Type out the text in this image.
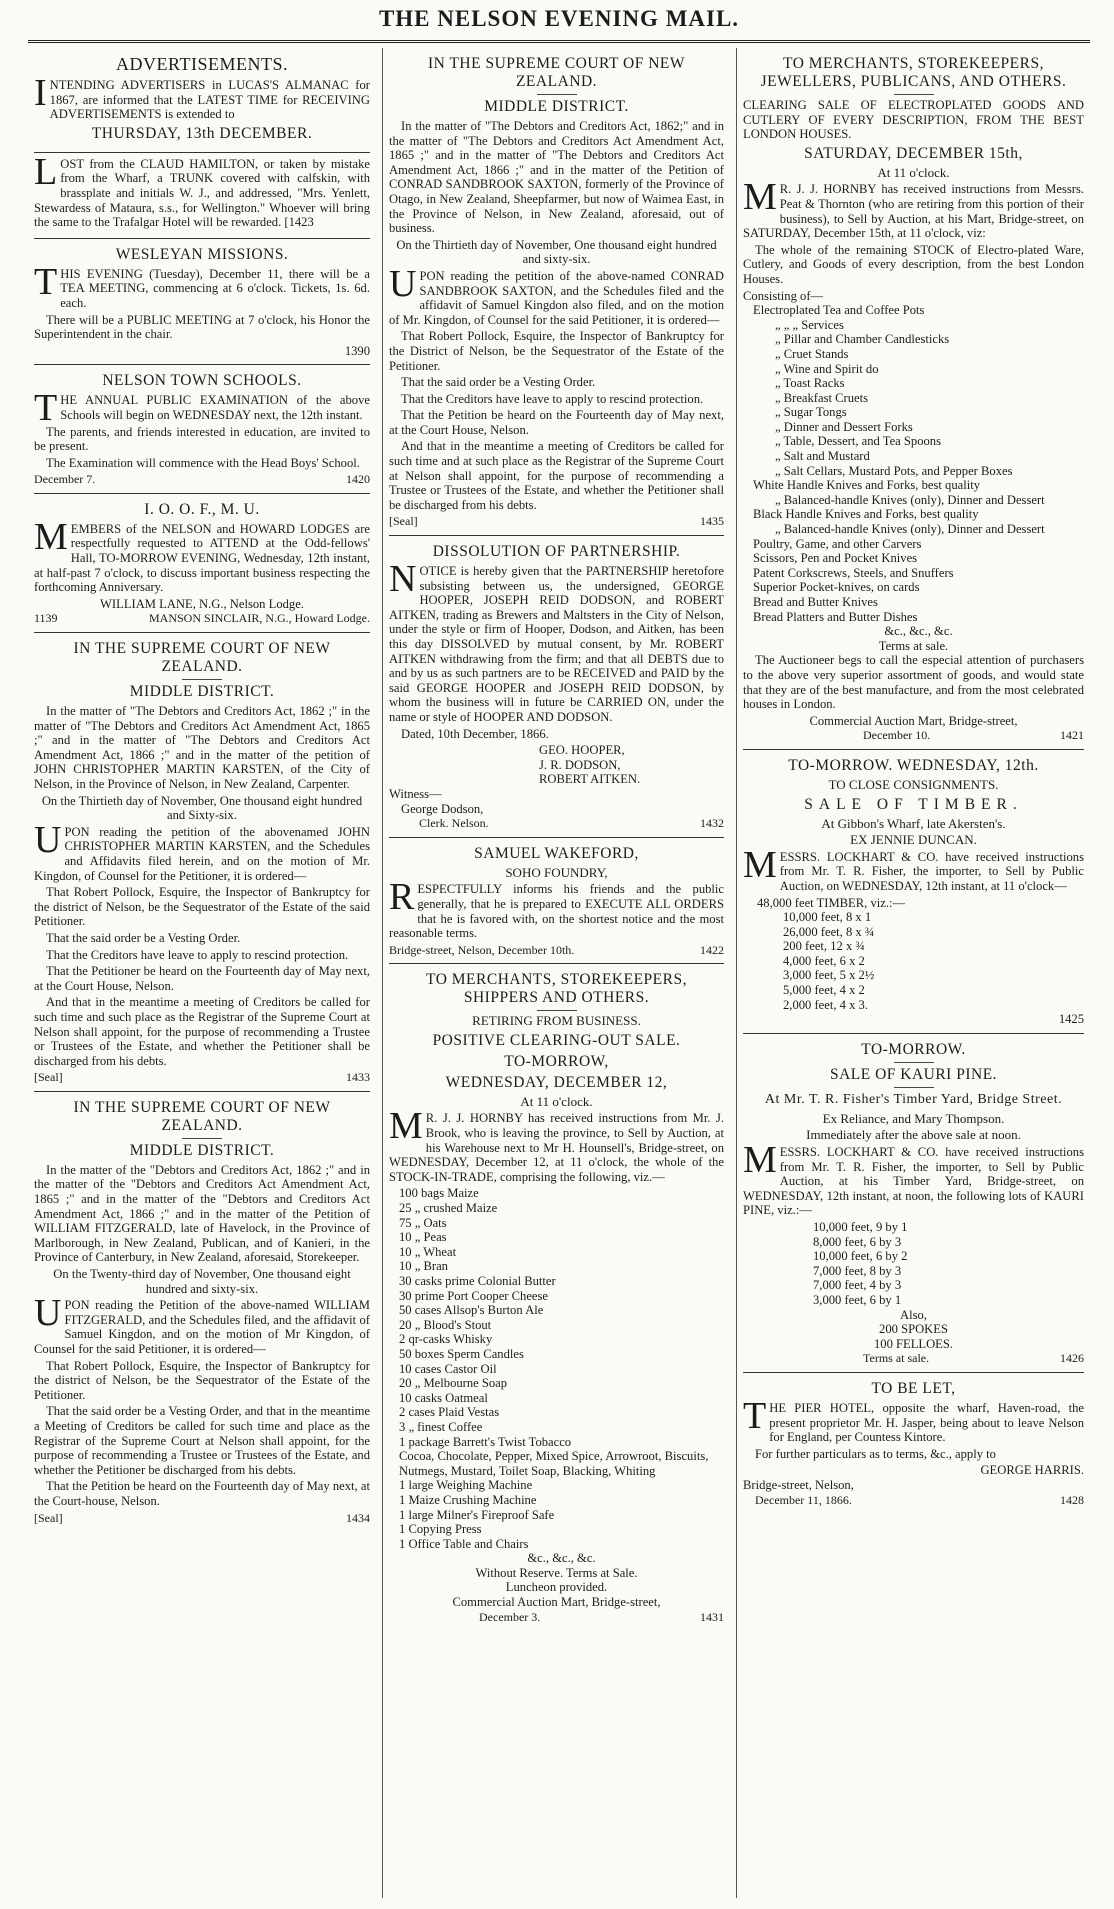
THE NELSON EVENING MAIL.
ADVERTISEMENTS.

INTENDING ADVERTISERS in LUCAS'S ALMANAC for 1867, are informed that the LATEST TIME for RECEIVING ADVERTISEMENTS is extended to

THURSDAY, 13th DECEMBER.

LOST from the CLAUD HAMILTON, or taken by mistake from the Wharf, a TRUNK covered with calfskin, with brassplate and initials W. J., and addressed, "Mrs. Yenlett, Stewardess of Mataura, s.s., for Wellington." Whoever will bring the same to the Trafalgar Hotel will be rewarded. [1423

WESLEYAN MISSIONS.

THIS EVENING (Tuesday), December 11, there will be a TEA MEETING, commencing at 6 o'clock. Tickets, 1s. 6d. each.

There will be a PUBLIC MEETING at 7 o'clock, his Honor the Superintendent in the chair.

1390
NELSON TOWN SCHOOLS.

THE ANNUAL PUBLIC EXAMINATION of the above Schools will begin on WEDNESDAY next, the 12th instant.

The parents, and friends interested in education, are invited to be present.

The Examination will commence with the Head Boys' School.

December 7.	1420
I. O. O. F., M. U.

MEMBERS of the NELSON and HOWARD LODGES are respectfully requested to ATTEND at the Odd-fellows' Hall, TO-MORROW EVENING, Wednesday, 12th instant, at half-past 7 o'clock, to discuss important business respecting the forthcoming Anniversary.

WILLIAM LANE, N.G., Nelson Lodge.
1139	MANSON SINCLAIR, N.G., Howard Lodge.
IN THE SUPREME COURT OF NEW ZEALAND.
MIDDLE DISTRICT.

In the matter of "The Debtors and Creditors Act, 1862 ;" in the matter of "The Debtors and Creditors Act Amendment Act, 1865 ;" and in the matter of "The Debtors and Creditors Act Amendment Act, 1866 ;" and in the matter of the petition of JOHN CHRISTOPHER MARTIN KARSTEN, of the City of Nelson, in the Province of Nelson, in New Zealand, Carpenter.

On the Thirtieth day of November, One thousand eight hundred and Sixty-six.

UPON reading the petition of the abovenamed JOHN CHRISTOPHER MARTIN KARSTEN, and the Schedules and Affidavits filed herein, and on the motion of Mr. Kingdon, of Counsel for the Petitioner, it is ordered—

That Robert Pollock, Esquire, the Inspector of Bankruptcy for the district of Nelson, be the Sequestrator of the Estate of the said Petitioner.

That the said order be a Vesting Order.

That the Creditors have leave to apply to rescind protection.

That the Petitioner be heard on the Fourteenth day of May next, at the Court House, Nelson.

And that in the meantime a meeting of Creditors be called for such time and such place as the Registrar of the Supreme Court at Nelson shall appoint, for the purpose of recommending a Trustee or Trustees of the Estate, and whether the Petitioner shall be discharged from his debts.

[Seal]	1433
IN THE SUPREME COURT OF NEW ZEALAND.
MIDDLE DISTRICT.

In the matter of the "Debtors and Creditors Act, 1862 ;" and in the matter of the "Debtors and Creditors Act Amendment Act, 1865 ;" and in the matter of the "Debtors and Creditors Act Amendment Act, 1866 ;" and in the matter of the Petition of WILLIAM FITZGERALD, late of Havelock, in the Province of Marlborough, in New Zealand, Publican, and of Kanieri, in the Province of Canterbury, in New Zealand, aforesaid, Storekeeper.

On the Twenty-third day of November, One thousand eight hundred and sixty-six.

UPON reading the Petition of the above-named WILLIAM FITZGERALD, and the Schedules filed, and the affidavit of Samuel Kingdon, and on the motion of Mr Kingdon, of Counsel for the said Petitioner, it is ordered—

That Robert Pollock, Esquire, the Inspector of Bankruptcy for the district of Nelson, be the Sequestrator of the Estate of the Petitioner.

That the said order be a Vesting Order, and that in the meantime a Meeting of Creditors be called for such time and place as the Registrar of the Supreme Court at Nelson shall appoint, for the purpose of recommending a Trustee or Trustees of the Estate, and whether the Petitioner be discharged from his debts.

That the Petition be heard on the Fourteenth day of May next, at the Court-house, Nelson.

[Seal]	1434
IN THE SUPREME COURT OF NEW ZEALAND.
MIDDLE DISTRICT.

In the matter of "The Debtors and Creditors Act, 1862;" and in the matter of "The Debtors and Creditors Act Amendment Act, 1865 ;" and in the matter of "The Debtors and Creditors Act Amendment Act, 1866 ;" and in the matter of the Petition of CONRAD SANDBROOK SAXTON, formerly of the Province of Otago, in New Zealand, Sheepfarmer, but now of Waimea East, in the Province of Nelson, in New Zealand, aforesaid, out of business.

On the Thirtieth day of November, One thousand eight hundred and sixty-six.

UPON reading the petition of the above-named CONRAD SANDBROOK SAXTON, and the Schedules filed and the affidavit of Samuel Kingdon also filed, and on the motion of Mr. Kingdon, of Counsel for the said Petitioner, it is ordered—

That Robert Pollock, Esquire, the Inspector of Bankruptcy for the District of Nelson, be the Sequestrator of the Estate of the Petitioner.

That the said order be a Vesting Order.

That the Creditors have leave to apply to rescind protection.

That the Petition be heard on the Fourteenth day of May next, at the Court House, Nelson.

And that in the meantime a meeting of Creditors be called for such time and at such place as the Registrar of the Supreme Court at Nelson shall appoint, for the purpose of recommending a Trustee or Trustees of the Estate, and whether the Petitioner shall be discharged from his debts.

[Seal]	1435
DISSOLUTION OF PARTNERSHIP.

NOTICE is hereby given that the PARTNERSHIP heretofore subsisting between us, the undersigned, GEORGE HOOPER, JOSEPH REID DODSON, and ROBERT AITKEN, trading as Brewers and Maltsters in the City of Nelson, under the style or firm of Hooper, Dodson, and Aitken, has been this day DISSOLVED by mutual consent, by Mr. ROBERT AITKEN withdrawing from the firm; and that all DEBTS due to and by us as such partners are to be RECEIVED and PAID by the said GEORGE HOOPER and JOSEPH REID DODSON, by whom the business will in future be CARRIED ON, under the name or style of HOOPER AND DODSON.

Dated, 10th December, 1866.

GEO. HOOPER,
J. R. DODSON,
ROBERT AITKEN.
Witness—
George Dodson,
Clerk. Nelson.	1432
SAMUEL WAKEFORD,
SOHO FOUNDRY,

RESPECTFULLY informs his friends and the public generally, that he is prepared to EXECUTE ALL ORDERS that he is favored with, on the shortest notice and the most reasonable terms.

Bridge-street, Nelson, December 10th.	1422
TO MERCHANTS, STOREKEEPERS, SHIPPERS AND OTHERS.
RETIRING FROM BUSINESS.
POSITIVE CLEARING-OUT SALE.
TO-MORROW,
WEDNESDAY, DECEMBER 12,
At 11 o'clock.

MR. J. J. HORNBY has received instructions from Mr. J. Brook, who is leaving the province, to Sell by Auction, at his Warehouse next to Mr H. Hounsell's, Bridge-street, on WEDNESDAY, December 12, at 11 o'clock, the whole of the STOCK-IN-TRADE, comprising the following, viz.—

100 bags Maize
25 „ crushed Maize
75 „ Oats
10 „ Peas
10 „ Wheat
10 „ Bran
30 casks prime Colonial Butter
30 prime Port Cooper Cheese
50 cases Allsop's Burton Ale
20 „ Blood's Stout
2 qr-casks Whisky
50 boxes Sperm Candles
10 cases Castor Oil
20 „ Melbourne Soap
10 casks Oatmeal
2 cases Plaid Vestas
3 „ finest Coffee
1 package Barrett's Twist Tobacco
Cocoa, Chocolate, Pepper, Mixed Spice, Arrowroot, Biscuits, Nutmegs, Mustard, Toilet Soap, Blacking, Whiting
1 large Weighing Machine
1 Maize Crushing Machine
1 large Milner's Fireproof Safe
1 Copying Press
1 Office Table and Chairs
&c., &c., &c.
Without Reserve. Terms at Sale.
Luncheon provided.
Commercial Auction Mart, Bridge-street,
December 3.	1431
TO MERCHANTS, STOREKEEPERS, JEWELLERS, PUBLICANS, AND OTHERS.

CLEARING SALE OF ELECTROPLATED GOODS AND CUTLERY OF EVERY DESCRIPTION, FROM THE BEST LONDON HOUSES.

SATURDAY, DECEMBER 15th,
At 11 o'clock.

MR. J. J. HORNBY has received instructions from Messrs. Peat & Thornton (who are retiring from this portion of their business), to Sell by Auction, at his Mart, Bridge-street, on SATURDAY, December 15th, at 11 o'clock, viz:

The whole of the remaining STOCK of Electro-plated Ware, Cutlery, and Goods of every description, from the best London Houses.

Consisting of—
Electroplated Tea and Coffee Pots
„ „ „ Services
„ Pillar and Chamber Candlesticks
„ Cruet Stands
„ Wine and Spirit do
„ Toast Racks
„ Breakfast Cruets
„ Sugar Tongs
„ Dinner and Dessert Forks
„ Table, Dessert, and Tea Spoons
„ Salt and Mustard
„ Salt Cellars, Mustard Pots, and Pepper Boxes
White Handle Knives and Forks, best quality
„ Balanced-handle Knives (only), Dinner and Dessert
Black Handle Knives and Forks, best quality
„ Balanced-handle Knives (only), Dinner and Dessert
Poultry, Game, and other Carvers
Scissors, Pen and Pocket Knives
Patent Corkscrews, Steels, and Snuffers
Superior Pocket-knives, on cards
Bread and Butter Knives
Bread Platters and Butter Dishes
&c., &c., &c.
Terms at sale.

The Auctioneer begs to call the especial attention of purchasers to the above very superior assortment of goods, and would state that they are of the best manufacture, and from the most celebrated houses in London.

Commercial Auction Mart, Bridge-street,
December 10.	1421
TO-MORROW. WEDNESDAY, 12th.
TO CLOSE CONSIGNMENTS.
SALE OF TIMBER.
At Gibbon's Wharf, late Akersten's.
EX JENNIE DUNCAN.

MESSRS. LOCKHART & CO. have received instructions from Mr. T. R. Fisher, the importer, to Sell by Public Auction, on WEDNESDAY, 12th instant, at 11 o'clock—

48,000 feet TIMBER, viz.:—
10,000 feet, 8 x 1
26,000 feet, 8 x ¾
200 feet, 12 x ¾
4,000 feet, 6 x 2
3,000 feet, 5 x 2½
5,000 feet, 4 x 2
2,000 feet, 4 x 3.
1425
TO-MORROW.
SALE OF KAURI PINE.
At Mr. T. R. Fisher's Timber Yard, Bridge Street.
Ex Reliance, and Mary Thompson.
Immediately after the above sale at noon.

MESSRS. LOCKHART & CO. have received instructions from Mr. T. R. Fisher, the importer, to Sell by Public Auction, at his Timber Yard, Bridge-street, on WEDNESDAY, 12th instant, at noon, the following lots of KAURI PINE, viz.:—

10,000 feet, 9 by 1
8,000 feet, 6 by 3
10,000 feet, 6 by 2
7,000 feet, 8 by 3
7,000 feet, 4 by 3
3,000 feet, 6 by 1
Also,
200 SPOKES
100 FELLOES.
Terms at sale.	1426
TO BE LET,

THE PIER HOTEL, opposite the wharf, Haven-road, the present proprietor Mr. H. Jasper, being about to leave Nelson for England, per Countess Kintore.

For further particulars as to terms, &c., apply to

GEORGE HARRIS.
Bridge-street, Nelson,
December 11, 1866.	1428
